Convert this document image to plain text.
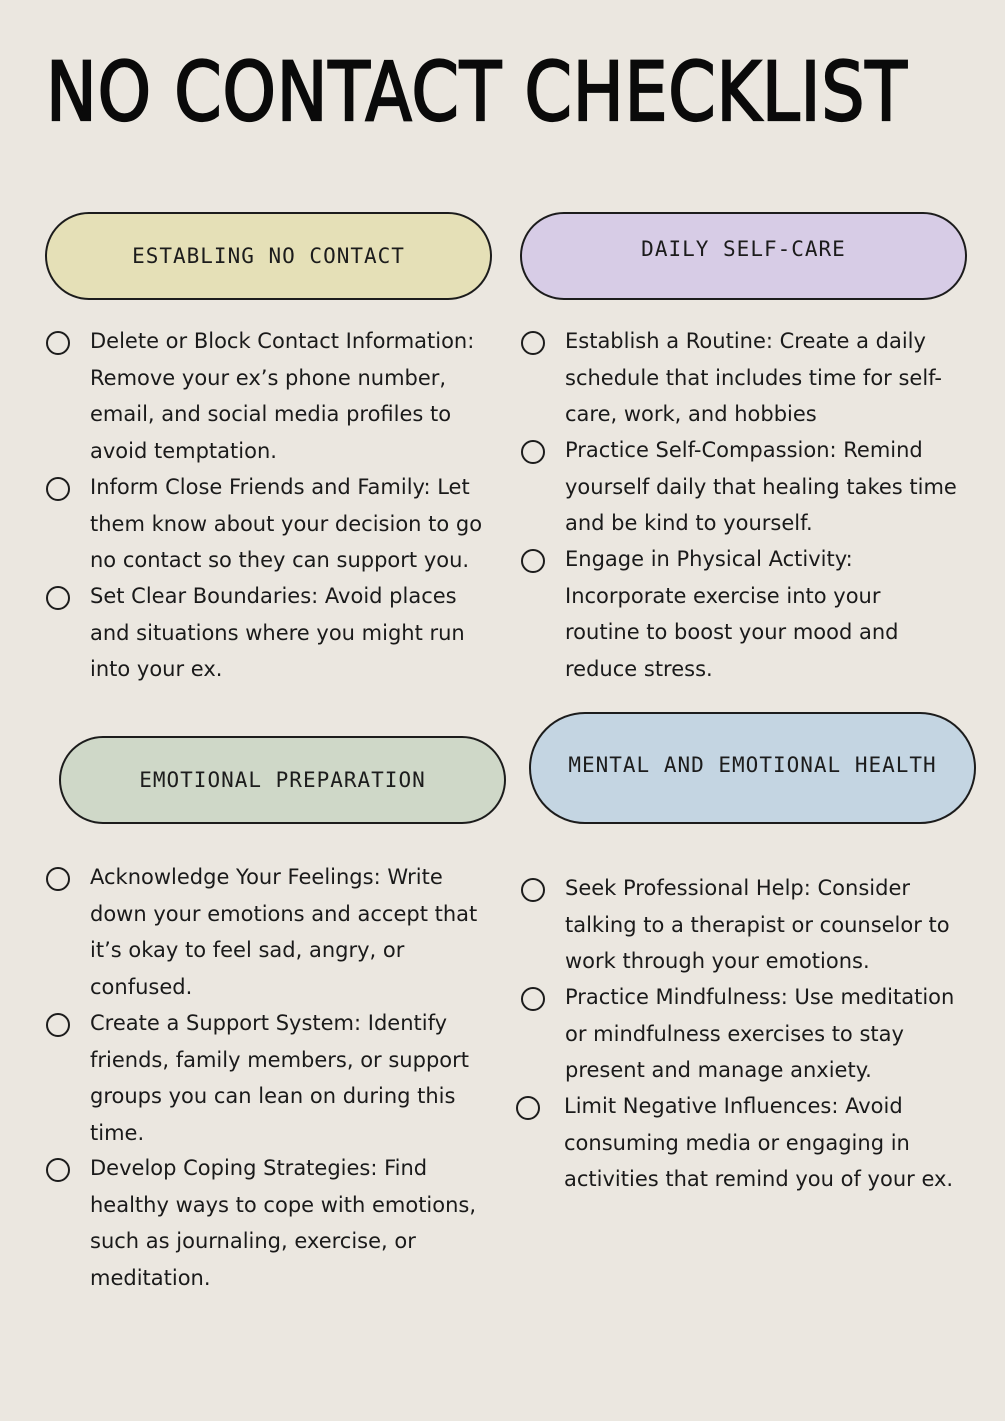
NO CONTACT CHECKLIST
ESTABLING NO CONTACT

Delete or Block Contact Information:
Remove your ex’s phone number,
email, and social media profiles to
avoid temptation.

Inform Close Friends and Family: Let
them know about your decision to go
no contact so they can support you.

Set Clear Boundaries: Avoid places
and situations where you might run
into your ex.

DAILY SELF-CARE

Establish a Routine: Create a daily
schedule that includes time for self-
care, work, and hobbies

Practice Self-Compassion: Remind
yourself daily that healing takes time
and be kind to yourself.

Engage in Physical Activity:
Incorporate exercise into your
routine to boost your mood and
reduce stress.

EMOTIONAL PREPARATION

Acknowledge Your Feelings: Write
down your emotions and accept that
it’s okay to feel sad, angry, or
confused.

Create a Support System: Identify
friends, family members, or support
groups you can lean on during this
time.

Develop Coping Strategies: Find
healthy ways to cope with emotions,
such as journaling, exercise, or
meditation.

MENTAL AND EMOTIONAL HEALTH

Seek Professional Help: Consider
talking to a therapist or counselor to
work through your emotions.

Practice Mindfulness: Use meditation
or mindfulness exercises to stay
present and manage anxiety.

Limit Negative Influences: Avoid
consuming media or engaging in
activities that remind you of your ex.
